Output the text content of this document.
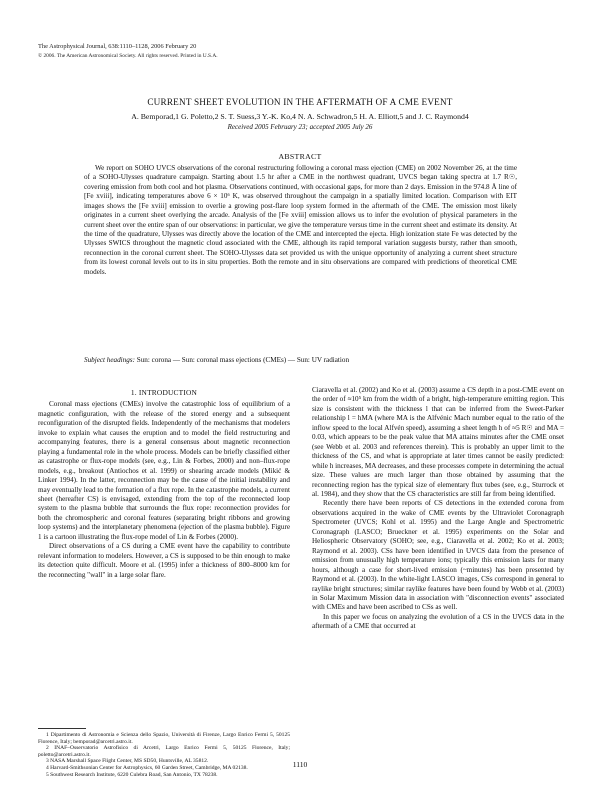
The Astrophysical Journal, 638:1110–1128, 2006 February 20
© 2006. The American Astronomical Society. All rights reserved. Printed in U.S.A.
CURRENT SHEET EVOLUTION IN THE AFTERMATH OF A CME EVENT
A. Bemporad,1 G. Poletto,2 S. T. Suess,3 Y.-K. Ko,4 N. A. Schwadron,5 H. A. Elliott,5 and J. C. Raymond4
Received 2005 February 23; accepted 2005 July 26
ABSTRACT

We report on SOHO UVCS observations of the coronal restructuring following a coronal mass ejection (CME) on 2002 November 26, at the time of a SOHO-Ulysses quadrature campaign. Starting about 1.5 hr after a CME in the northwest quadrant, UVCS began taking spectra at 1.7 R☉, covering emission from both cool and hot plasma. Observations continued, with occasional gaps, for more than 2 days. Emission in the 974.8 Å line of [Fe xviii], indicating temperatures above 6 × 10⁶ K, was observed throughout the campaign in a spatially limited location. Comparison with EIT images shows the [Fe xviii] emission to overlie a growing post-flare loop system formed in the aftermath of the CME. The emission most likely originates in a current sheet overlying the arcade. Analysis of the [Fe xviii] emission allows us to infer the evolution of physical parameters in the current sheet over the entire span of our observations: in particular, we give the temperature versus time in the current sheet and estimate its density. At the time of the quadrature, Ulysses was directly above the location of the CME and intercepted the ejecta. High ionization state Fe was detected by the Ulysses SWICS throughout the magnetic cloud associated with the CME, although its rapid temporal variation suggests bursty, rather than smooth, reconnection in the coronal current sheet. The SOHO-Ulysses data set provided us with the unique opportunity of analyzing a current sheet structure from its lowest coronal levels out to its in situ properties. Both the remote and in situ observations are compared with predictions of theoretical CME models.

Subject headings: Sun: corona — Sun: coronal mass ejections (CMEs) — Sun: UV radiation

1. INTRODUCTION

Coronal mass ejections (CMEs) involve the catastrophic loss of equilibrium of a magnetic configuration, with the release of the stored energy and a subsequent reconfiguration of the disrupted fields. Independently of the mechanisms that modelers invoke to explain what causes the eruption and to model the field restructuring and accompanying features, there is a general consensus about magnetic reconnection playing a fundamental role in the whole process. Models can be briefly classified either as catastrophe or flux-rope models (see, e.g., Lin & Forbes, 2000) and non–flux-rope models, e.g., breakout (Antiochos et al. 1999) or shearing arcade models (Mikić & Linker 1994). In the latter, reconnection may be the cause of the initial instability and may eventually lead to the formation of a flux rope. In the catastrophe models, a current sheet (hereafter CS) is envisaged, extending from the top of the reconnected loop system to the plasma bubble that surrounds the flux rope: reconnection provides for both the chromospheric and coronal features (separating bright ribbons and growing loop systems) and the interplanetary phenomena (ejection of the plasma bubble). Figure 1 is a cartoon illustrating the flux-rope model of Lin & Forbes (2000).

Direct observations of a CS during a CME event have the capability to contribute relevant information to modelers. However, a CS is supposed to be thin enough to make its detection quite difficult. Moore et al. (1995) infer a thickness of 800–8000 km for the reconnecting "wall" in a large solar flare.

Ciaravella et al. (2002) and Ko et al. (2003) assume a CS depth in a post-CME event on the order of ≈10⁵ km from the width of a bright, high-temperature emitting region. This size is consistent with the thickness l that can be inferred from the Sweet-Parker relationship l = hMA (where MA is the Alfvénic Mach number equal to the ratio of the inflow speed to the local Alfvén speed), assuming a sheet length h of ≈5 R☉ and MA = 0.03, which appears to be the peak value that MA attains minutes after the CME onset (see Webb et al. 2003 and references therein). This is probably an upper limit to the thickness of the CS, and what is appropriate at later times cannot be easily predicted: while h increases, MA decreases, and these processes compete in determining the actual size. These values are much larger than those obtained by assuming that the reconnecting region has the typical size of elementary flux tubes (see, e.g., Sturrock et al. 1984), and they show that the CS characteristics are still far from being identified.

Recently there have been reports of CS detections in the extended corona from observations acquired in the wake of CME events by the Ultraviolet Coronagraph Spectrometer (UVCS; Kohl et al. 1995) and the Large Angle and Spectrometric Coronagraph (LASCO; Brueckner et al. 1995) experiments on the Solar and Heliospheric Observatory (SOHO; see, e.g., Ciaravella et al. 2002; Ko et al. 2003; Raymond et al. 2003). CSs have been identified in UVCS data from the presence of emission from unusually high temperature ions; typically this emission lasts for many hours, although a case for short-lived emission (~minutes) has been presented by Raymond et al. (2003). In the white-light LASCO images, CSs correspond in general to raylike bright structures; similar raylike features have been found by Webb et al. (2003) in Solar Maximum Mission data in association with "disconnection events" associated with CMEs and have been ascribed to CSs as well.

In this paper we focus on analyzing the evolution of a CS in the UVCS data in the aftermath of a CME that occurred at

1 Dipartimento di Astronomia e Scienza dello Spazio, Università di Firenze, Largo Enrico Fermi 5, 50125 Florence, Italy; bemporad@arcetri.astro.it.

2 INAF–Osservatorio Astrofisico di Arcetri, Largo Enrico Fermi 5, 50125 Florence, Italy; poletto@arcetri.astro.it.

3 NASA Marshall Space Flight Center, MS SD50, Huntsville, AL 35812.

4 Harvard-Smithsonian Center for Astrophysics, 60 Garden Street, Cambridge, MA 02138.

5 Southwest Research Institute, 6220 Culebra Road, San Antonio, TX 78238.

1110
